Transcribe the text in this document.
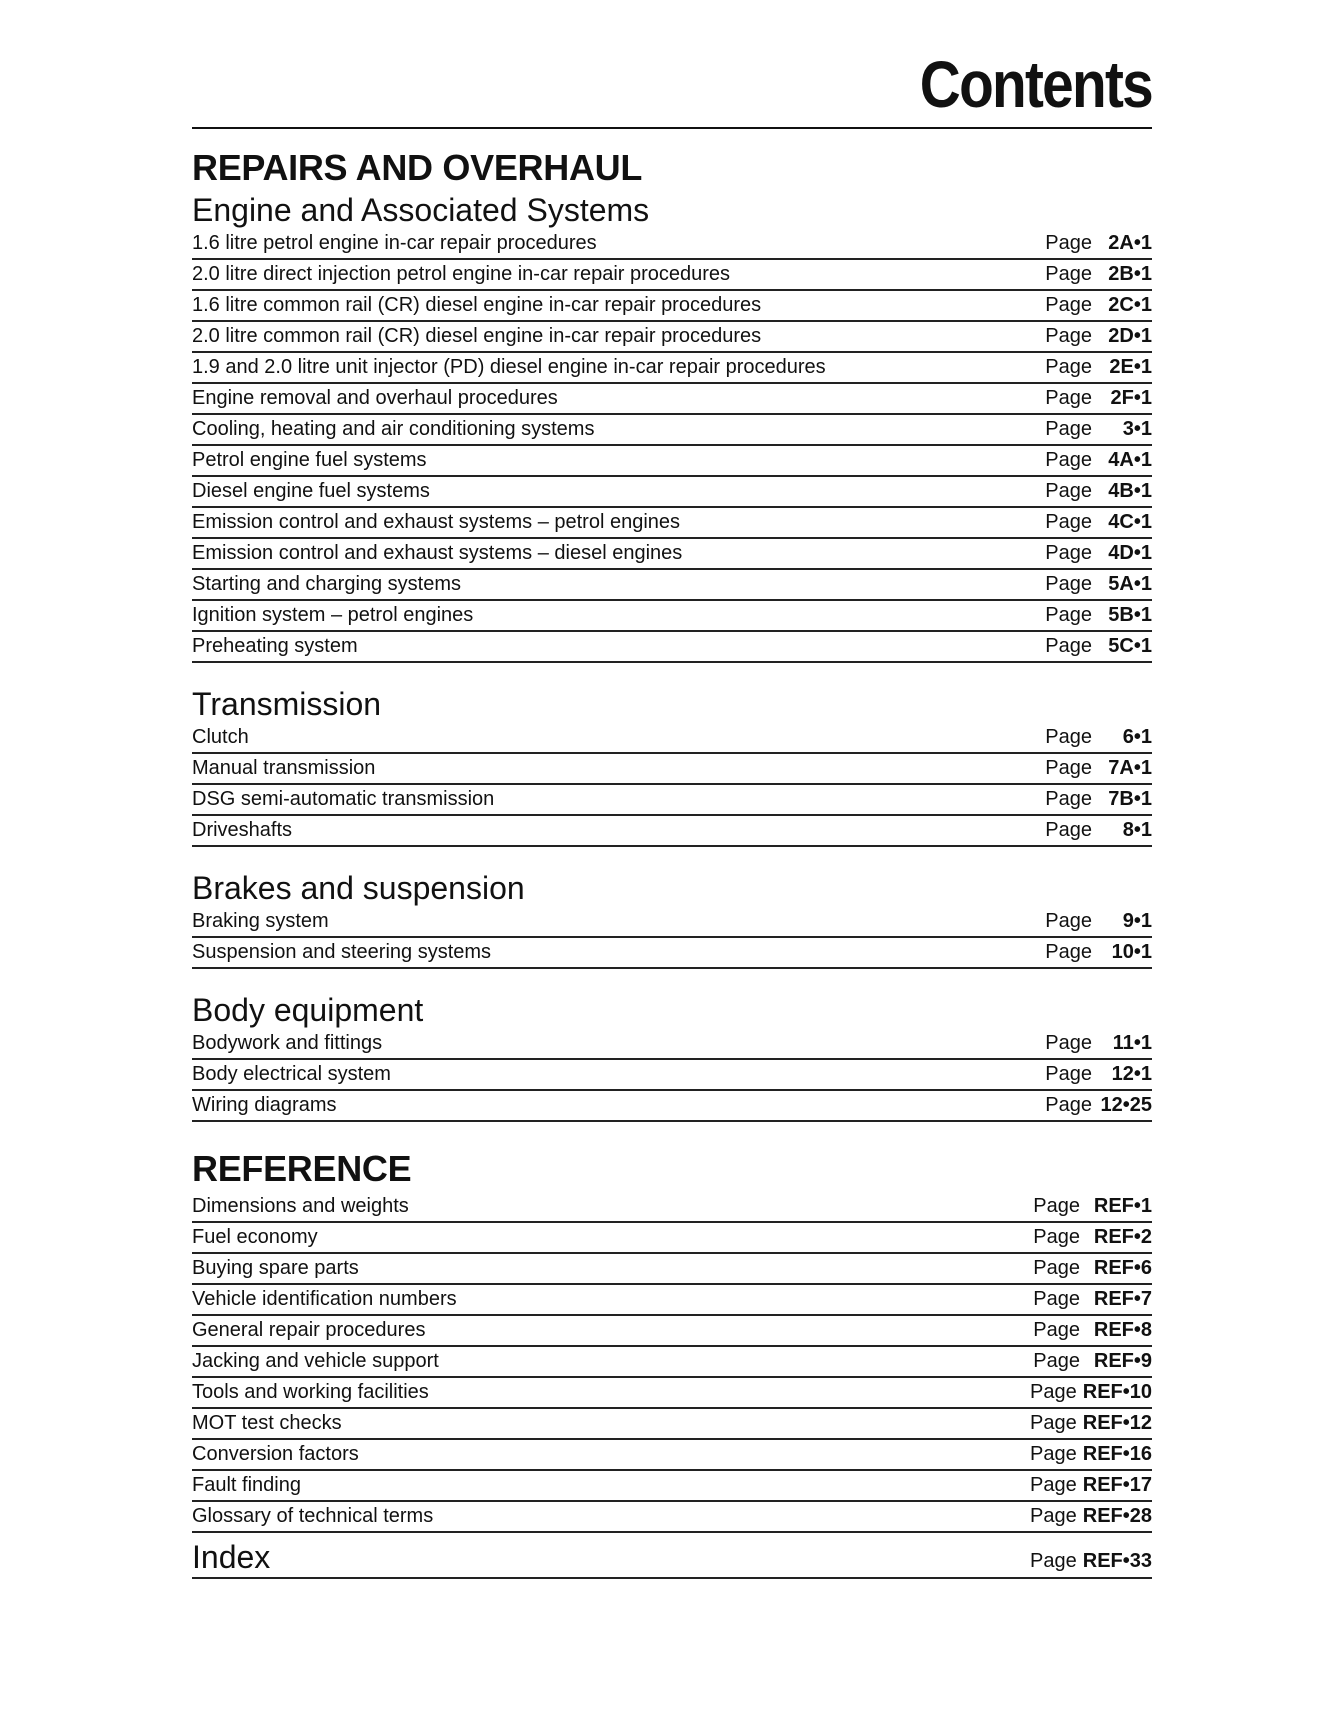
Contents
REPAIRS AND OVERHAUL
Engine and Associated Systems
1.6 litre petrol engine in-car repair procedures	Page 2A•1
2.0 litre direct injection petrol engine in-car repair procedures	Page 2B•1
1.6 litre common rail (CR) diesel engine in-car repair procedures	Page 2C•1
2.0 litre common rail (CR) diesel engine in-car repair procedures	Page 2D•1
1.9 and 2.0 litre unit injector (PD) diesel engine in-car repair procedures	Page 2E•1
Engine removal and overhaul procedures	Page 2F•1
Cooling, heating and air conditioning systems	Page	3•1
Petrol engine fuel systems	Page 4A•1
Diesel engine fuel systems	Page 4B•1
Emission control and exhaust systems – petrol engines	Page 4C•1
Emission control and exhaust systems – diesel engines	Page 4D•1
Starting and charging systems	Page 5A•1
Ignition system – petrol engines	Page 5B•1
Preheating system	Page 5C•1
Transmission
Clutch	Page	6•1
Manual transmission	Page 7A•1
DSG semi-automatic transmission	Page 7B•1
Driveshafts	Page	8•1
Brakes and suspension
Braking system	Page	9•1
Suspension and steering systems	Page 10•1
Body equipment
Bodywork and fittings	Page	11•1
Body electrical system	Page 12•1
Wiring diagrams	Page 12•25
REFERENCE
Dimensions and weights	Page REF•1
Fuel economy	Page REF•2
Buying spare parts	Page REF•6
Vehicle identification numbers	Page REF•7
General repair procedures	Page REF•8
Jacking and vehicle support	Page REF•9
Tools and working facilities	Page REF•10
MOT test checks	Page REF•12
Conversion factors	Page REF•16
Fault finding	Page REF•17
Glossary of technical terms	Page REF•28
Index	Page REF•33
